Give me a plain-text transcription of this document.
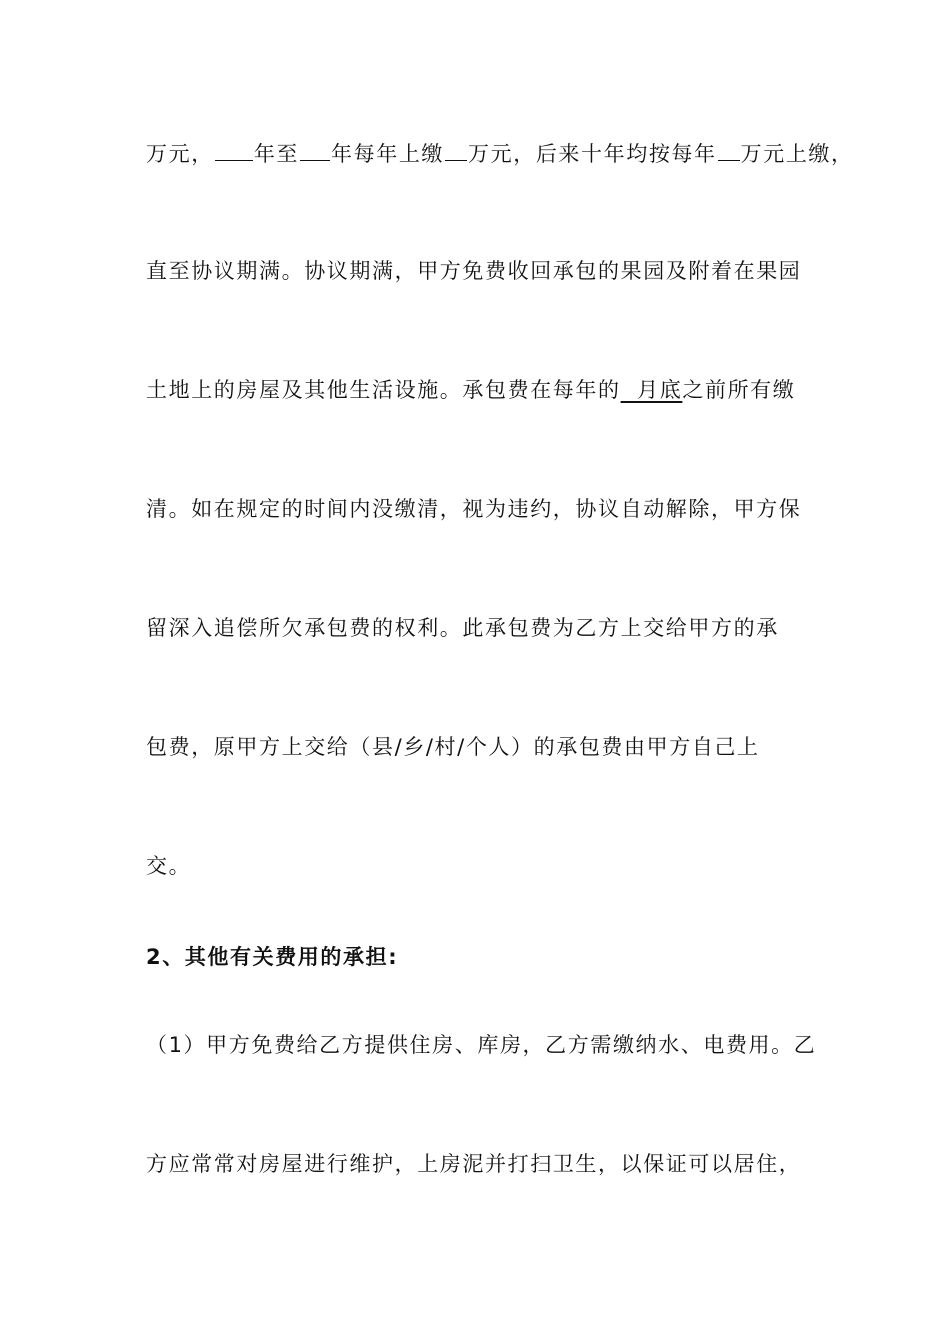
万元， 年至 年每年上缴 万元，后来十年均按每年 万元上缴，
直至协议期满。协议期满，甲方免费收回承包的果园及附着在果园
土地上的房屋及其他生活设施。承包费在每年的  月底之前所有缴
清。如在规定的时间内没缴清，视为违约，协议自动解除，甲方保
留深入追偿所欠承包费的权利。此承包费为乙方上交给甲方的承
包费，原甲方上交给（县/乡/村/个人）的承包费由甲方自己上
交。
2、其他有关费用的承担:
（1）甲方免费给乙方提供住房、库房，乙方需缴纳水、电费用。乙
方应常常对房屋进行维护，上房泥并打扫卫生，以保证可以居住，
